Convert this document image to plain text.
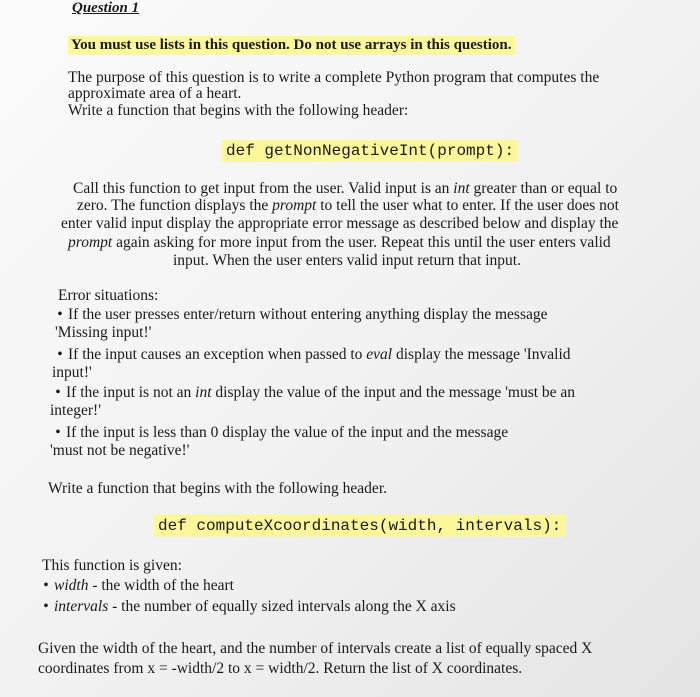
Question 1
You must use lists in this question. Do not use arrays in this question.
The purpose of this question is to write a complete Python program that computes the
approximate area of a heart.
Write a function that begins with the following header:
def getNonNegativeInt(prompt):
Call this function to get input from the user. Valid input is an int greater than or equal to
zero. The function displays the prompt to tell the user what to enter. If the user does not
enter valid input display the appropriate error message as described below and display the
prompt again asking for more input from the user. Repeat this until the user enters valid
input. When the user enters valid input return that input.
Error situations:
• If the user presses enter/return without entering anything display the message
'Missing input!'
• If the input causes an exception when passed to eval display the message 'Invalid
input!'
• If the input is not an int display the value of the input and the message 'must be an
integer!'
• If the input is less than 0 display the value of the input and the message
'must not be negative!'
Write a function that begins with the following header.
def computeXcoordinates(width, intervals):
This function is given:
• width - the width of the heart
• intervals - the number of equally sized intervals along the X axis
Given the width of the heart, and the number of intervals create a list of equally spaced X
coordinates from x = -width/2 to x = width/2. Return the list of X coordinates.
